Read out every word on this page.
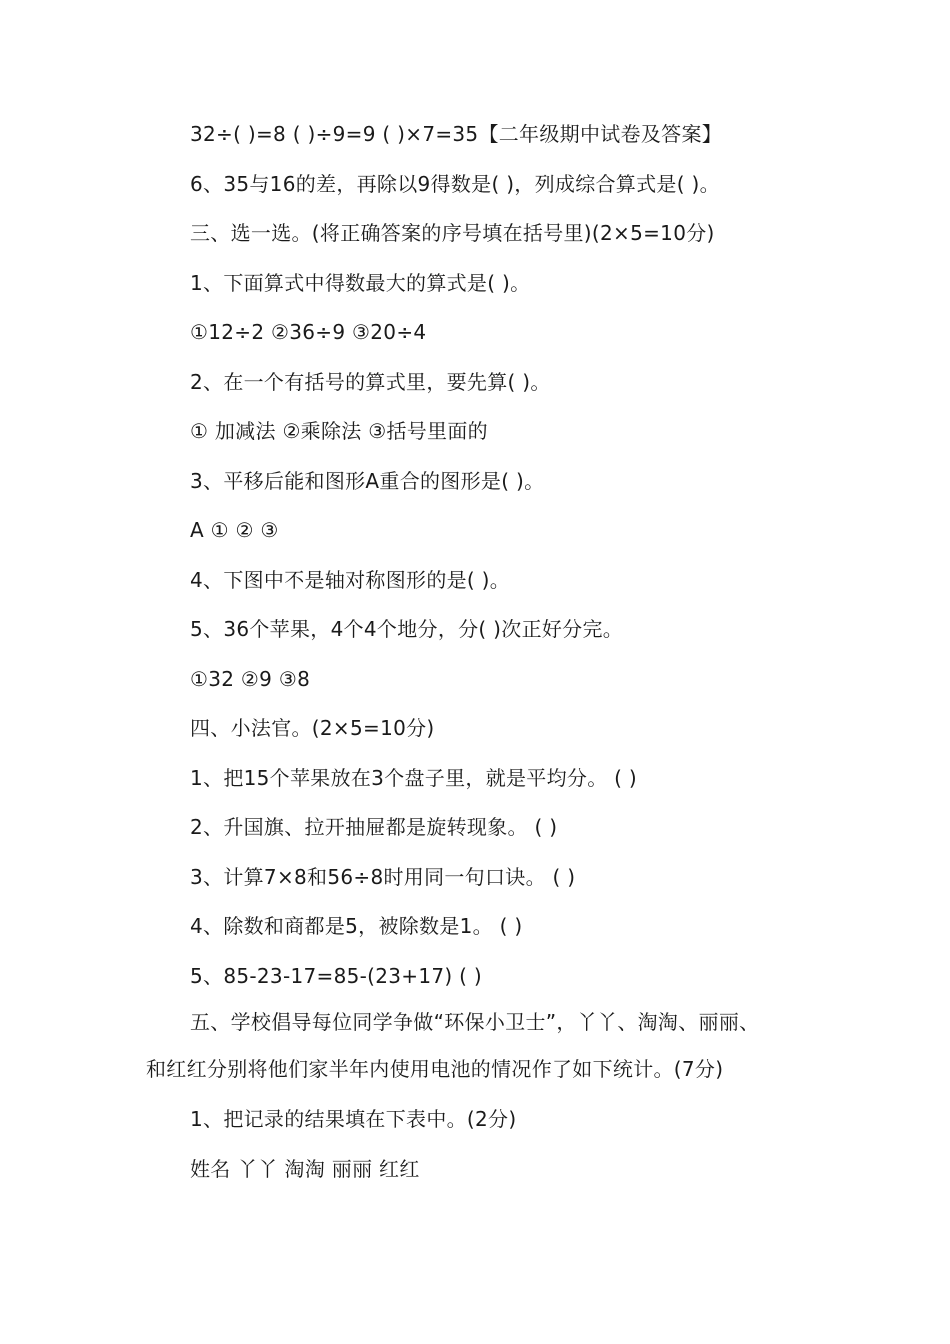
32÷( )=8 ( )÷9=9 ( )×7=35【二年级期中试卷及答案】

6、35与16的差，再除以9得数是( )，列成综合算式是( )。

三、选一选。(将正确答案的序号填在括号里)(2×5=10分)

1、下面算式中得数最大的算式是( )。

①12÷2 ②36÷9 ③20÷4

2、在一个有括号的算式里，要先算( )。

① 加减法 ②乘除法 ③括号里面的

3、平移后能和图形A重合的图形是( )。

A ① ② ③

4、下图中不是轴对称图形的是( )。

5、36个苹果，4个4个地分，分( )次正好分完。

①32 ②9 ③8

四、小法官。(2×5=10分)

1、把15个苹果放在3个盘子里，就是平均分。 ( )

2、升国旗、拉开抽屉都是旋转现象。 ( )

3、计算7×8和56÷8时用同一句口诀。 ( )

4、除数和商都是5，被除数是1。 ( )

5、85-23-17=85-(23+17) ( )

五、学校倡导每位同学争做“环保小卫士”，丫丫、淘淘、丽丽、

和红红分别将他们家半年内使用电池的情况作了如下统计。(7分)

1、把记录的结果填在下表中。(2分)

姓名 丫丫 淘淘 丽丽 红红
